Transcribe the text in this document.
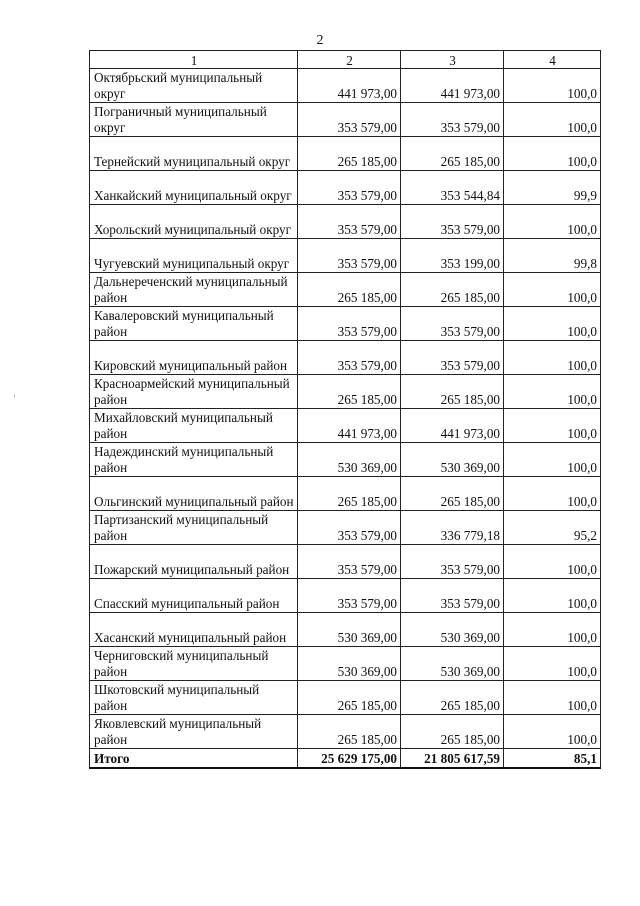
2
1	2	3	4
Октябрьский муниципальный округ	441 973,00	441 973,00	100,0
Пограничный муниципальный округ	353 579,00	353 579,00	100,0
Тернейский муниципальный округ	265 185,00	265 185,00	100,0
Ханкайский муниципальный округ	353 579,00	353 544,84	99,9
Хорольский муниципальный округ	353 579,00	353 579,00	100,0
Чугуевский муниципальный округ	353 579,00	353 199,00	99,8
Дальнереченский муниципальный район	265 185,00	265 185,00	100,0
Кавалеровский муниципальный район	353 579,00	353 579,00	100,0
Кировский муниципальный район	353 579,00	353 579,00	100,0
Красноармейский муниципальный район	265 185,00	265 185,00	100,0
Михайловский муниципальный район	441 973,00	441 973,00	100,0
Надеждинский муниципальный район	530 369,00	530 369,00	100,0
Ольгинский муниципальный район	265 185,00	265 185,00	100,0
Партизанский муниципальный район	353 579,00	336 779,18	95,2
Пожарский муниципальный район	353 579,00	353 579,00	100,0
Спасский муниципальный район	353 579,00	353 579,00	100,0
Хасанский муниципальный район	530 369,00	530 369,00	100,0
Черниговский муниципальный район	530 369,00	530 369,00	100,0
Шкотовский муниципальный район	265 185,00	265 185,00	100,0
Яковлевский муниципальный район	265 185,00	265 185,00	100,0
Итого	25 629 175,00	21 805 617,59	85,1
